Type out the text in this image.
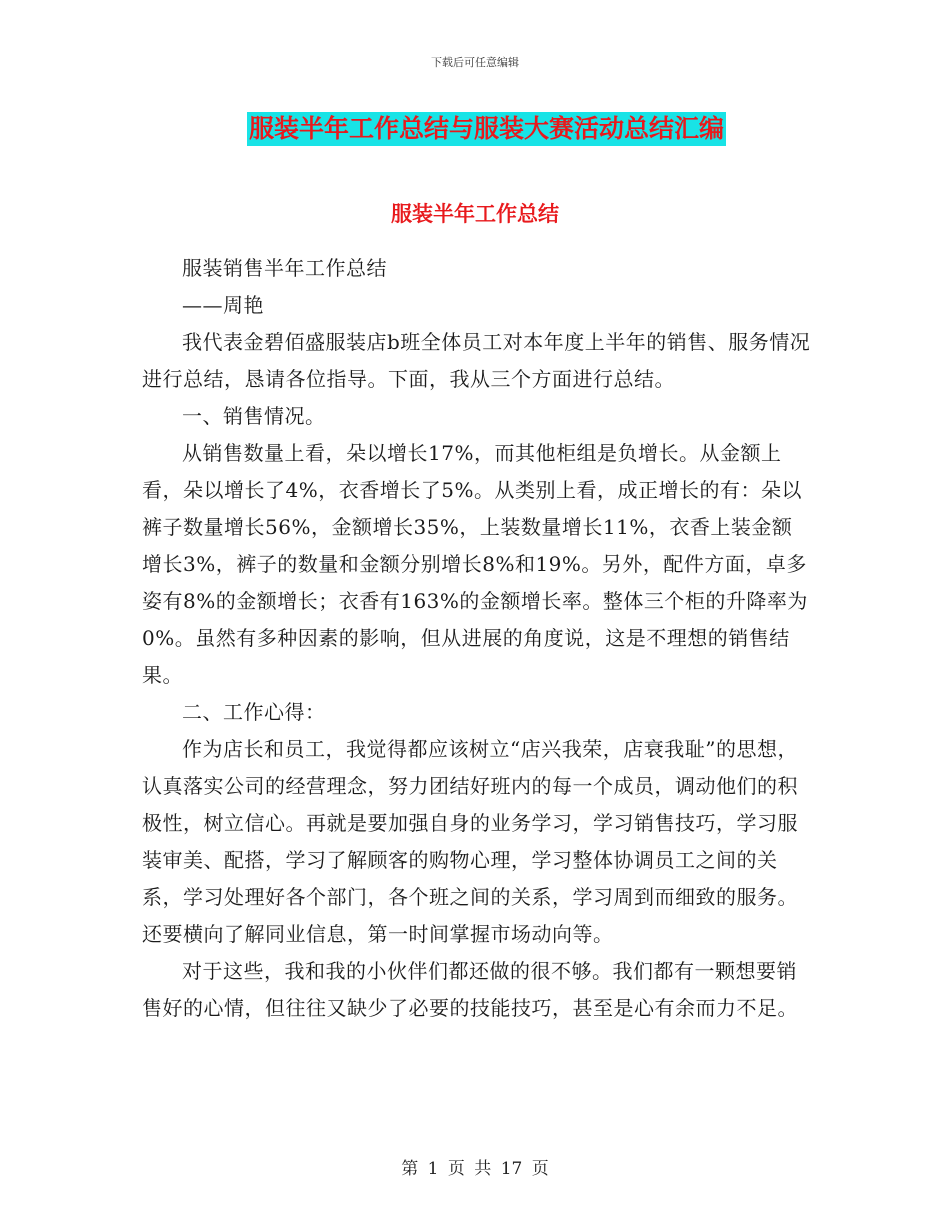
下载后可任意编辑
服装半年工作总结与服装大赛活动总结汇编
服装半年工作总结

服装销售半年工作总结

——周艳

我代表金碧佰盛服装店b班全体员工对本年度上半年的销售、服务情况进行总结，恳请各位指导。下面，我从三个方面进行总结。

一、销售情况。

从销售数量上看，朵以增长17%，而其他柜组是负增长。从金额上看，朵以增长了4%，衣香增长了5%。从类别上看，成正增长的有：朵以裤子数量增长56%，金额增长35%，上装数量增长11%，衣香上装金额增长3%，裤子的数量和金额分别增长8%和19%。另外，配件方面，卓多姿有8%的金额增长；衣香有163%的金额增长率。整体三个柜的升降率为0%。虽然有多种因素的影响，但从进展的角度说，这是不理想的销售结果。

二、工作心得：

作为店长和员工，我觉得都应该树立“店兴我荣，店衰我耻”的思想，认真落实公司的经营理念，努力团结好班内的每一个成员，调动他们的积极性，树立信心。再就是要加强自身的业务学习，学习销售技巧，学习服装审美、配搭，学习了解顾客的购物心理，学习整体协调员工之间的关系，学习处理好各个部门，各个班之间的关系，学习周到而细致的服务。还要横向了解同业信息，第一时间掌握市场动向等。

对于这些，我和我的小伙伴们都还做的很不够。我们都有一颗想要销售好的心情，但往往又缺少了必要的技能技巧，甚至是心有余而力不足。

第 1 页 共 17 页
